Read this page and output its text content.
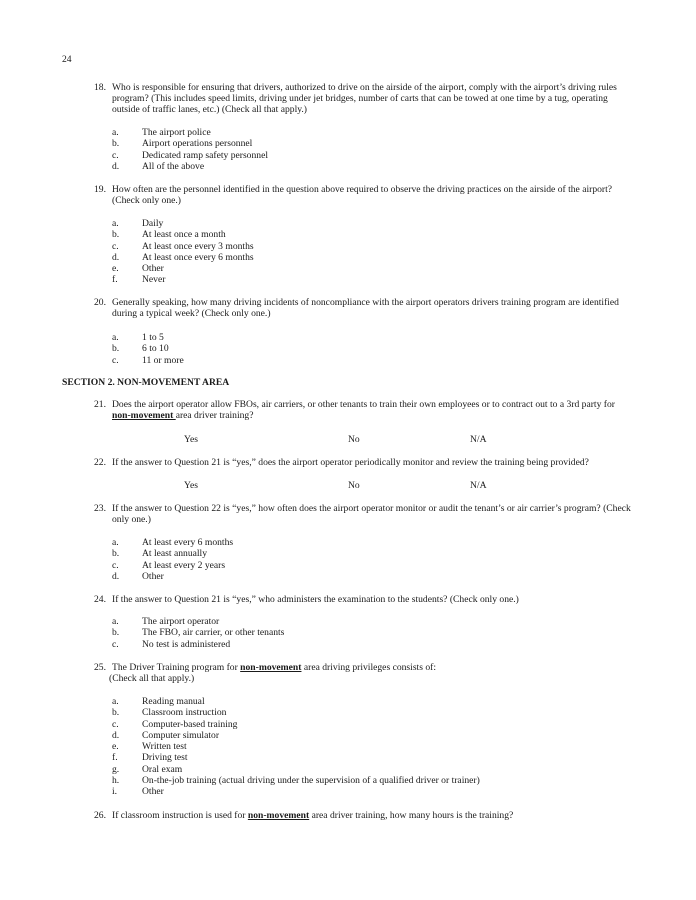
24
18. Who is responsible for ensuring that drivers, authorized to drive on the airside of the airport, comply with the airport’s driving rules program? (This includes speed limits, driving under jet bridges, number of carts that can be towed at one time by a tug, operating outside of traffic lanes, etc.) (Check all that apply.)
a. The airport police
b. Airport operations personnel
c. Dedicated ramp safety personnel
d. All of the above
19. How often are the personnel identified in the question above required to observe the driving practices on the airside of the airport? (Check only one.)
a. Daily
b. At least once a month
c. At least once every 3 months
d. At least once every 6 months
e. Other
f.	Never
20. Generally speaking, how many driving incidents of noncompliance with the airport operators drivers training program are identified during a typical week? (Check only one.)
a. 1 to 5
b. 6 to 10
c. 11 or more
SECTION 2. NON-MOVEMENT AREA
21. Does the airport operator allow FBOs, air carriers, or other tenants to train their own employees or to contract out to a 3rd party for non-movement area driver training?
Yes	No	N/A
22. If the answer to Question 21 is “yes,” does the airport operator periodically monitor and review the training being provided?
Yes	No	N/A
23. If the answer to Question 22 is “yes,” how often does the airport operator monitor or audit the tenant’s or air carrier’s program? (Check only one.)
a. At least every 6 months
b. At least annually
c. At least every 2 years
d. Other
24. If the answer to Question 21 is “yes,” who administers the examination to the students? (Check only one.)
a. The airport operator
b. The FBO, air carrier, or other tenants
c. No test is administered
25. The Driver Training program for non-movement area driving privileges consists of:
(Check all that apply.)
a. Reading manual
b. Classroom instruction
c. Computer-based training
d. Computer simulator
e. Written test
f.	Driving test
g. Oral exam
h. On-the-job training (actual driving under the supervision of a qualified driver or trainer)
i.	Other
26. If classroom instruction is used for non-movement area driver training, how many hours is the training?
